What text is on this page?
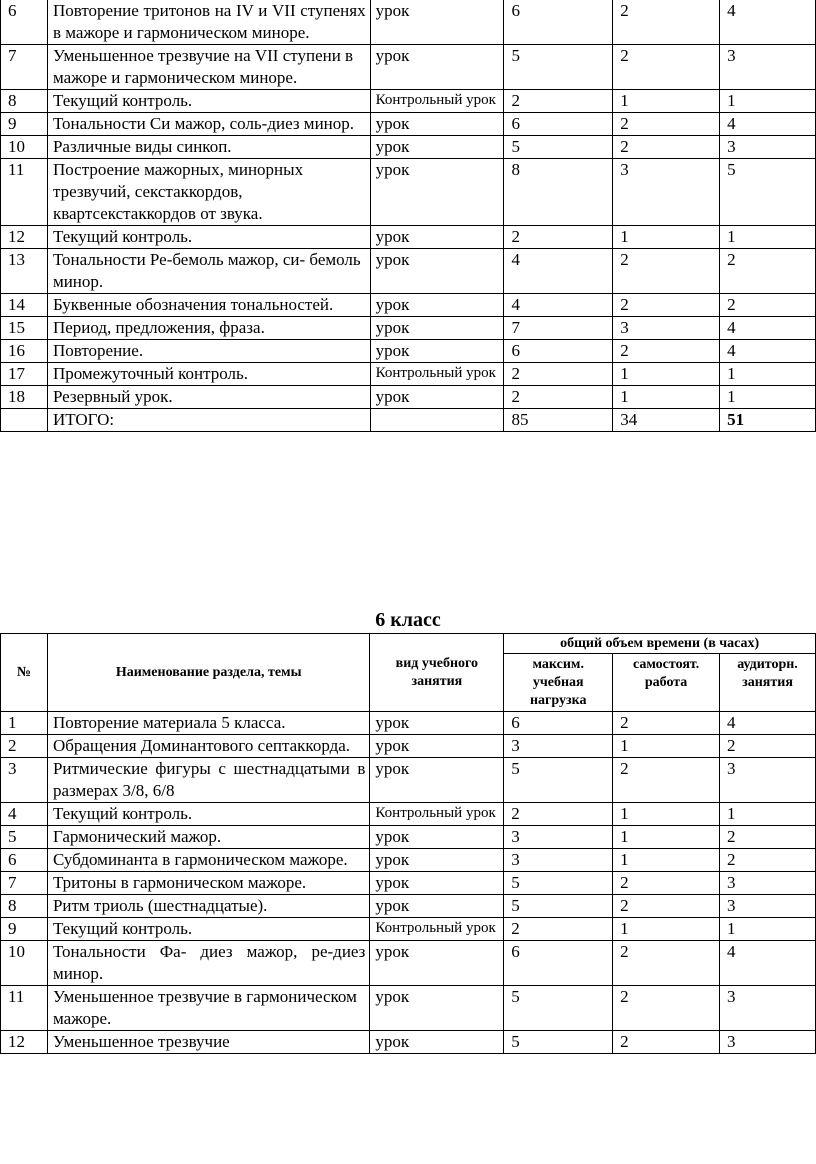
6	Повторение тритонов на IV и VII ступенях в мажоре и гармоническом миноре.	урок	6	2	4
7	Уменьшенное трезвучие на VII ступени в мажоре и гармоническом миноре.	урок	5	2	3
8	Текущий контроль.	Контрольный урок	2	1	1
9	Тональности Си мажор, соль-диез минор.	урок	6	2	4
10	Различные виды синкоп.	урок	5	2	3
11	Построение мажорных, минорных трезвучий, секстаккордов, квартсекстаккордов от звука.	урок	8	3	5
12	Текущий контроль.	урок	2	1	1
13	Тональности Ре-бемоль мажор, си- бемоль минор.	урок	4	2	2
14	Буквенные обозначения тональностей.	урок	4	2	2
15	Период, предложения, фраза.	урок	7	3	4
16	Повторение.	урок	6	2	4
17	Промежуточный контроль.	Контрольный урок	2	1	1
18	Резервный урок.	урок	2	1	1
	ИТОГО:		85	34	51
6 класс
№	Наименование раздела, темы	вид учебного занятия	общий объем времени (в часах)		
			максим. учебная нагрузка	самостоят. работа	аудиторн. занятия
1	Повторение материала 5 класса.	урок	6	2	4
2	Обращения Доминантового септаккорда.	урок	3	1	2
3	Ритмические фигуры с шестнадцатыми в размерах 3/8, 6/8	урок	5	2	3
4	Текущий контроль.	Контрольный урок	2	1	1
5	Гармонический мажор.	урок	3	1	2
6	Субдоминанта в гармоническом мажоре.	урок	3	1	2
7	Тритоны в гармоническом мажоре.	урок	5	2	3
8	Ритм триоль (шестнадцатые).	урок	5	2	3
9	Текущий контроль.	Контрольный урок	2	1	1
10	Тональности Фа- диез мажор, ре-диез минор.	урок	6	2	4
11	Уменьшенное трезвучие в гармоническом мажоре.	урок	5	2	3
12	Уменьшенное трезвучие	урок	5	2	3
